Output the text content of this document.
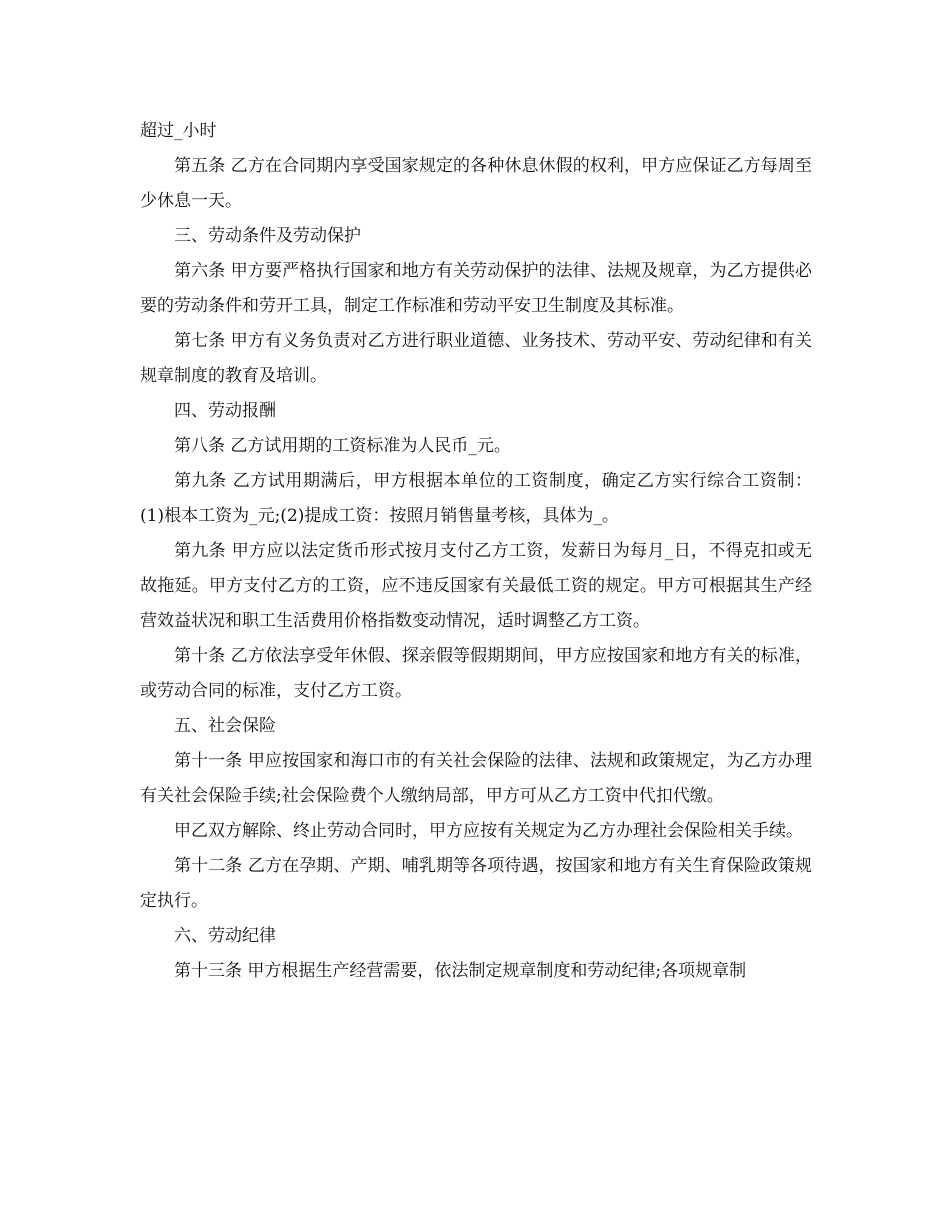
超过_小时

第五条 乙方在合同期内享受国家规定的各种休息休假的权利，甲方应保证乙方每周至少休息一天。

三、劳动条件及劳动保护

第六条 甲方要严格执行国家和地方有关劳动保护的法律、法规及规章，为乙方提供必要的劳动条件和劳开工具，制定工作标准和劳动平安卫生制度及其标准。

第七条 甲方有义务负责对乙方进行职业道德、业务技术、劳动平安、劳动纪律和有关规章制度的教育及培训。

四、劳动报酬

第八条 乙方试用期的工资标准为人民币_元。

第九条 乙方试用期满后，甲方根据本单位的工资制度，确定乙方实行综合工资制：(1)根本工资为_元;(2)提成工资：按照月销售量考核，具体为_。

第九条 甲方应以法定货币形式按月支付乙方工资，发薪日为每月_日，不得克扣或无故拖延。甲方支付乙方的工资，应不违反国家有关最低工资的规定。甲方可根据其生产经营效益状况和职工生活费用价格指数变动情况，适时调整乙方工资。

第十条 乙方依法享受年休假、探亲假等假期期间，甲方应按国家和地方有关的标准，或劳动合同的标准，支付乙方工资。

五、社会保险

第十一条 甲应按国家和海口市的有关社会保险的法律、法规和政策规定，为乙方办理有关社会保险手续;社会保险费个人缴纳局部，甲方可从乙方工资中代扣代缴。

甲乙双方解除、终止劳动合同时，甲方应按有关规定为乙方办理社会保险相关手续。

第十二条 乙方在孕期、产期、哺乳期等各项待遇，按国家和地方有关生育保险政策规定执行。

六、劳动纪律

第十三条 甲方根据生产经营需要，依法制定规章制度和劳动纪律;各项规章制
